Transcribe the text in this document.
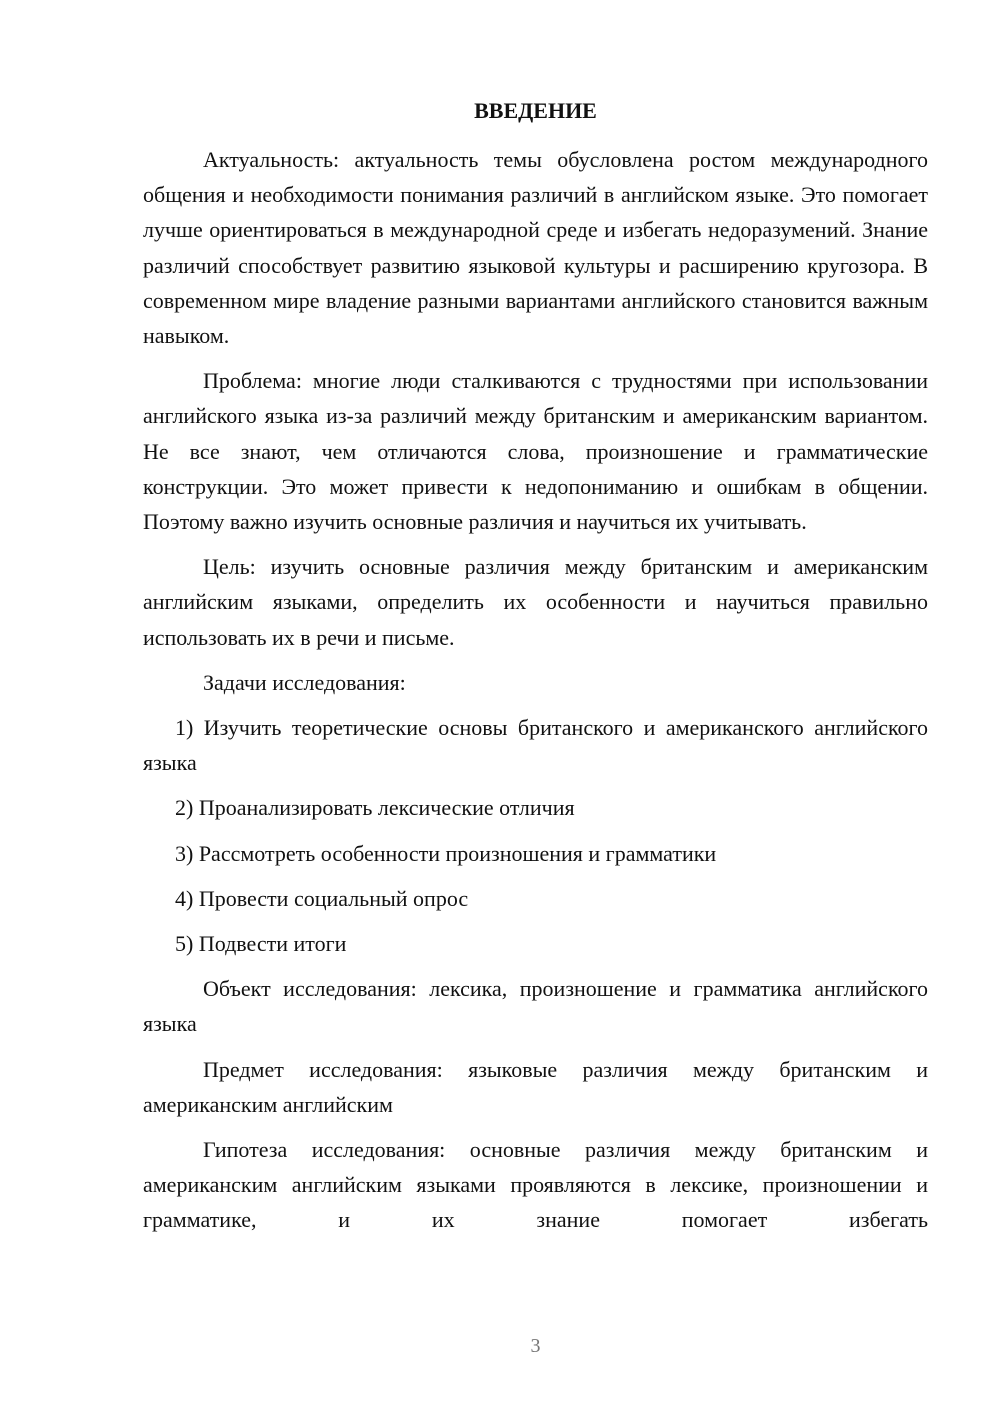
ВВЕДЕНИЕ

Актуальность: актуальность темы обусловлена ростом международного общения и необходимости понимания различий в английском языке. Это помогает лучше ориентироваться в международной среде и избегать недоразумений. Знание различий способствует развитию языковой культуры и расширению кругозора. В современном мире владение разными вариантами английского становится важным навыком.

Проблема: многие люди сталкиваются с трудностями при использовании английского языка из-за различий между британским и американским вариантом. Не все знают, чем отличаются слова, произношение и грамматические конструкции. Это может привести к недопониманию и ошибкам в общении. Поэтому важно изучить основные различия и научиться их учитывать.

Цель: изучить основные различия между британским и американским английским языками, определить их особенности и научиться правильно использовать их в речи и письме.

Задачи исследования:

1) Изучить теоретические основы британского и американского английского языка

2) Проанализировать лексические отличия

3) Рассмотреть особенности произношения и грамматики

4) Провести социальный опрос

5) Подвести итоги

Объект исследования: лексика, произношение и грамматика английского языка

Предмет исследования: языковые различия между британским и американским английским

Гипотеза исследования: основные различия между британским и американским английским языками проявляются в лексике, произношении и грамматике, и их знание помогает избегать

3
